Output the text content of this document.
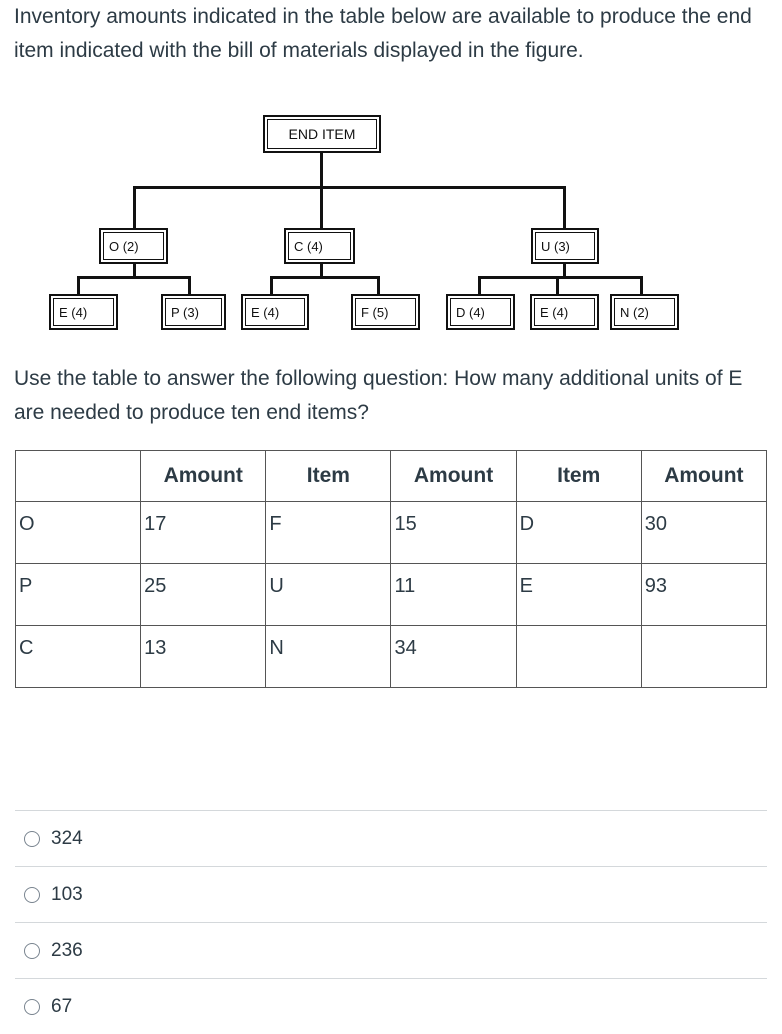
Inventory amounts indicated in the table below are available to produce the end item indicated with the bill of materials displayed in the figure.

END ITEM
O (2)	C (4)	U (3)
E (4)	P (3)	E (4)	F (5)	D (4)	E (4)	N (2)

Use the table to answer the following question: How many additional units of E are needed to produce ten end items?

	Amount	Item	Amount	Item	Amount
O	17	F	15	D	30
P	25	U	11	E	93
C	13	N	34		
324
103
236
67
